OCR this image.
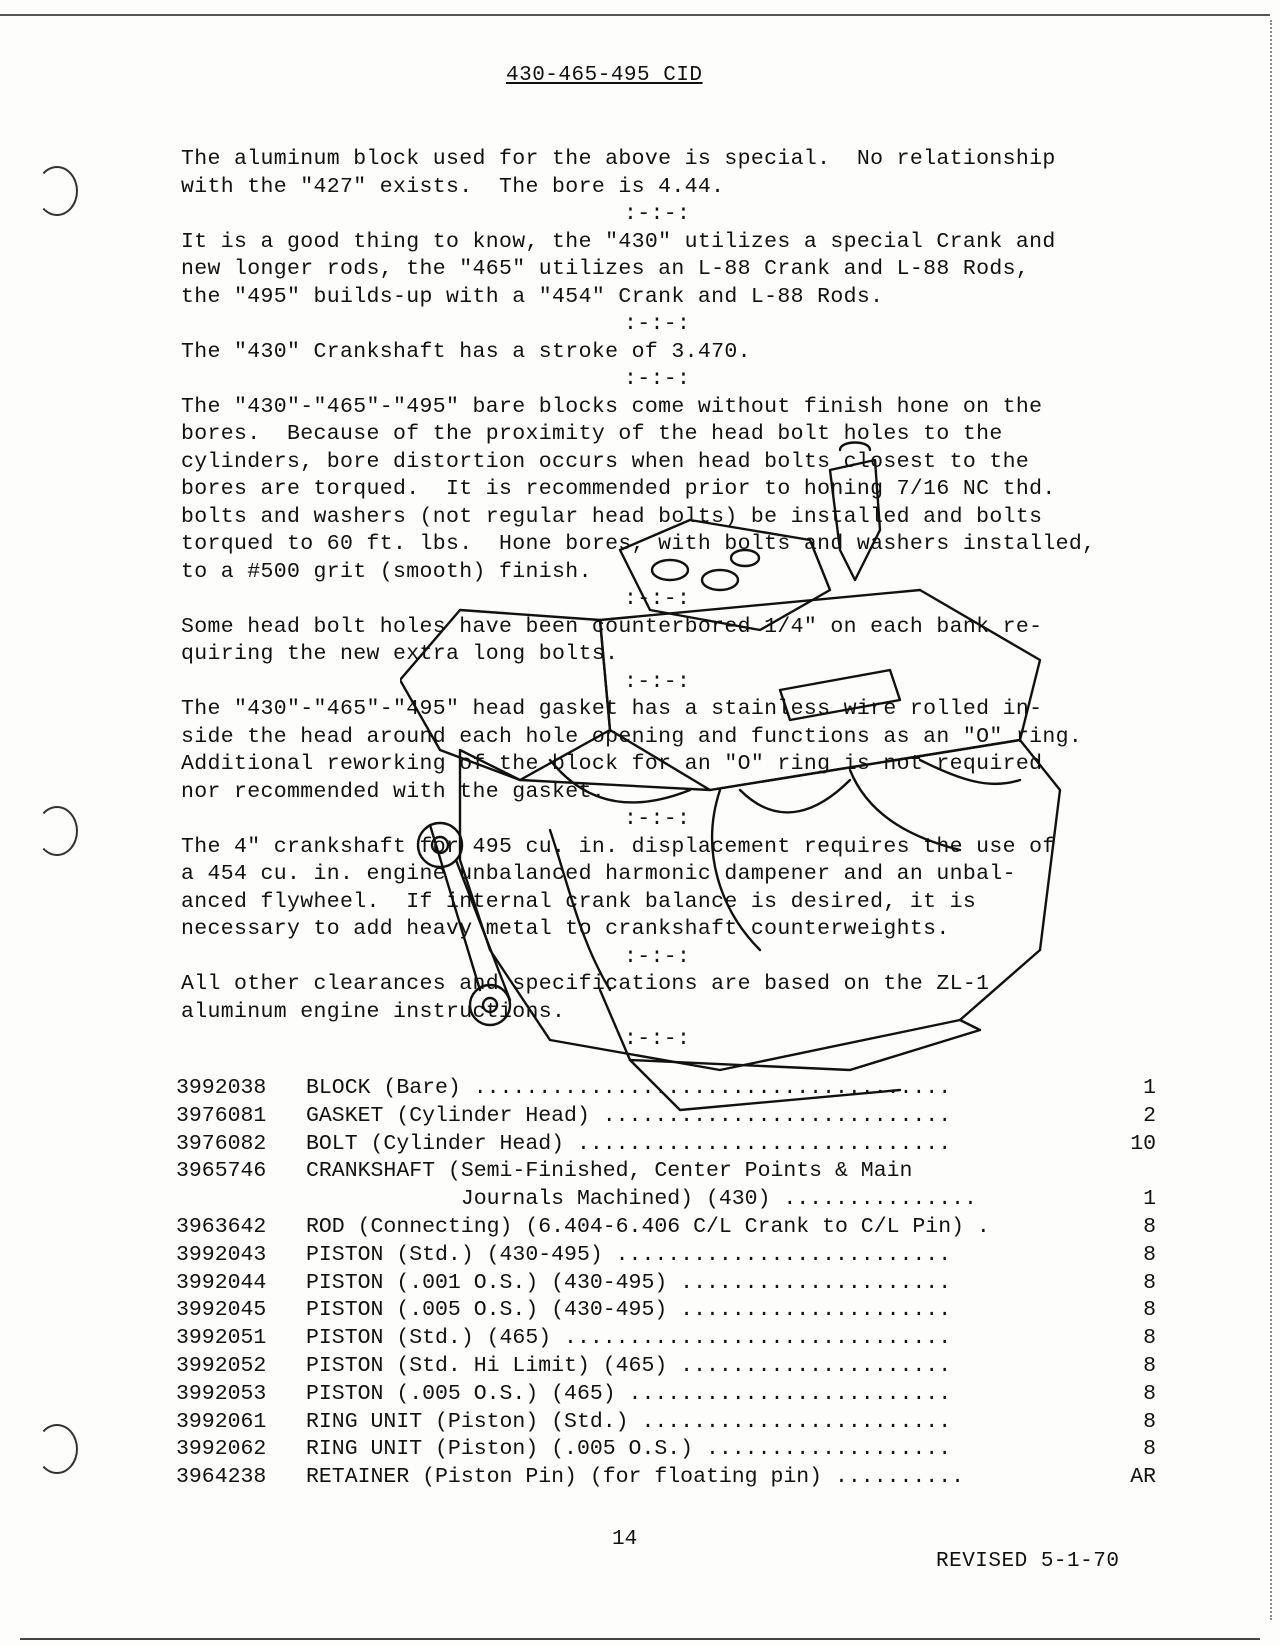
430-465-495 CID
The aluminum block used for the above is special.  No relationship
with the "427" exists.  The bore is 4.44.
:-:-:
It is a good thing to know, the "430" utilizes a special Crank and
new longer rods, the "465" utilizes an L-88 Crank and L-88 Rods,
the "495" builds-up with a "454" Crank and L-88 Rods.
:-:-:
The "430" Crankshaft has a stroke of 3.470.
:-:-:
The "430"-"465"-"495" bare blocks come without finish hone on the
bores.  Because of the proximity of the head bolt holes to the
cylinders, bore distortion occurs when head bolts closest to the
bores are torqued.  It is recommended prior to honing 7/16 NC thd.
bolts and washers (not regular head bolts) be installed and bolts
torqued to 60 ft. lbs.  Hone bores, with bolts and washers installed,
to a #500 grit (smooth) finish.
:-:-:
Some head bolt holes have been counterbored 1/4" on each bank re-
quiring the new extra long bolts.
:-:-:
The "430"-"465"-"495" head gasket has a stainless wire rolled in-
side the head around each hole opening and functions as an "O" ring.
Additional reworking of the block for an "O" ring is not required
nor recommended with the gasket.
:-:-:
The 4" crankshaft for 495 cu. in. displacement requires the use of
a 454 cu. in. engine unbalanced harmonic dampener and an unbal-
anced flywheel.  If internal crank balance is desired, it is
necessary to add heavy metal to crankshaft counterweights.
:-:-:
All other clearances and specifications are based on the ZL-1
aluminum engine instructions.
:-:-:
3992038	BLOCK (Bare) .....................................	1
3976081	GASKET (Cylinder Head) ...........................	2
3976082	BOLT (Cylinder Head) .............................	10
3965746	CRANKSHAFT (Semi-Finished, Center Points & Main
Journals Machined) (430) ...............	1
3963642	ROD (Connecting) (6.404-6.406 C/L Crank to C/L Pin) .	8
3992043	PISTON (Std.) (430-495) ..........................	8
3992044	PISTON (.001 O.S.) (430-495) .....................	8
3992045	PISTON (.005 O.S.) (430-495) .....................	8
3992051	PISTON (Std.) (465) ..............................	8
3992052	PISTON (Std. Hi Limit) (465) .....................	8
3992053	PISTON (.005 O.S.) (465) .........................	8
3992061	RING UNIT (Piston) (Std.) ........................	8
3992062	RING UNIT (Piston) (.005 O.S.) ...................	8
3964238	RETAINER (Piston Pin) (for floating pin) ..........	AR
14
REVISED 5-1-70
